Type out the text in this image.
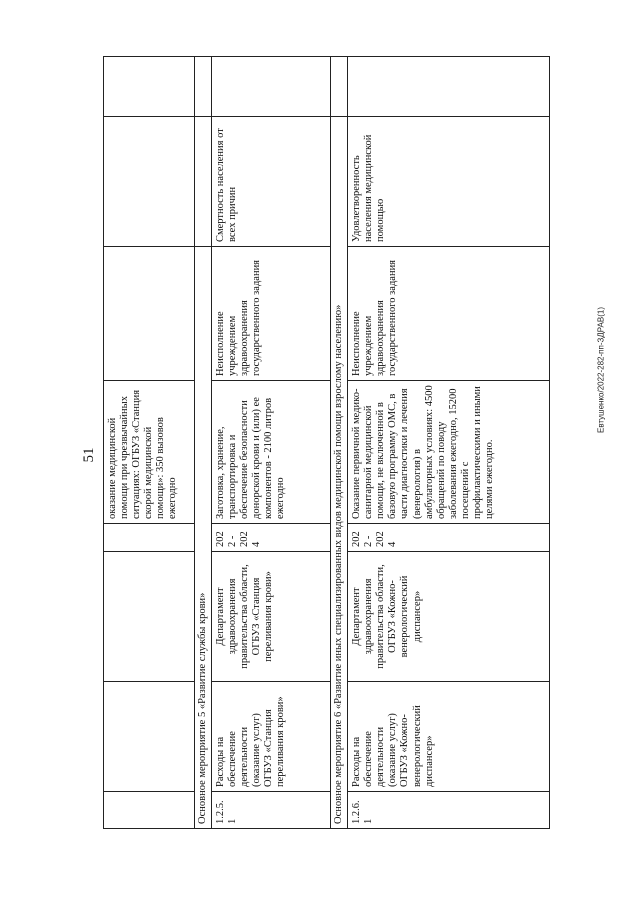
51
Евтушенко/2022-282-пп-ЗДРАВ(1)
				оказание медицинской помощи при чрезвычайных ситуациях: ОГБУЗ «Станция скорой медицинской помощи»: 350 вызовов ежегодно			
Основное мероприятие 5 «Развитие службы крови»							
1.2.5.1	Расходы на обеспечение деятельности (оказание услуг) ОГБУЗ «Станция переливания крови»	Департамент здравоохранения правительства области, ОГБУЗ «Станция переливания крови»	2022 - 2024	Заготовка, хранение, транспортировка и обеспечение безопасности донорской крови и (или) ее компонентов - 2100 литров ежегодно	Неисполнение учреждением здравоохранения государственного задания	Смертность населения от всех причин	
Основное мероприятие 6 «Развитие иных специализированных видов медицинской помощи взрослому населению»							
1.2.6.1	Расходы на обеспечение деятельности (оказание услуг) ОГБУЗ «Кожно-венерологический диспансер»	Департамент здравоохранения правительства области, ОГБУЗ «Кожно-венерологический диспансер»	2022 - 2024	Оказание первичной медико-санитарной медицинской помощи, не включенной в базовую программу ОМС, в части диагностики и лечения (венерология) в амбулаторных условиях: 4500 обращений по поводу заболевания ежегодно, 15200 посещений с профилактическими и иными целями ежегодно.	Неисполнение учреждением здравоохранения государственного задания	Удовлетворенность населения медицинской помощью	
